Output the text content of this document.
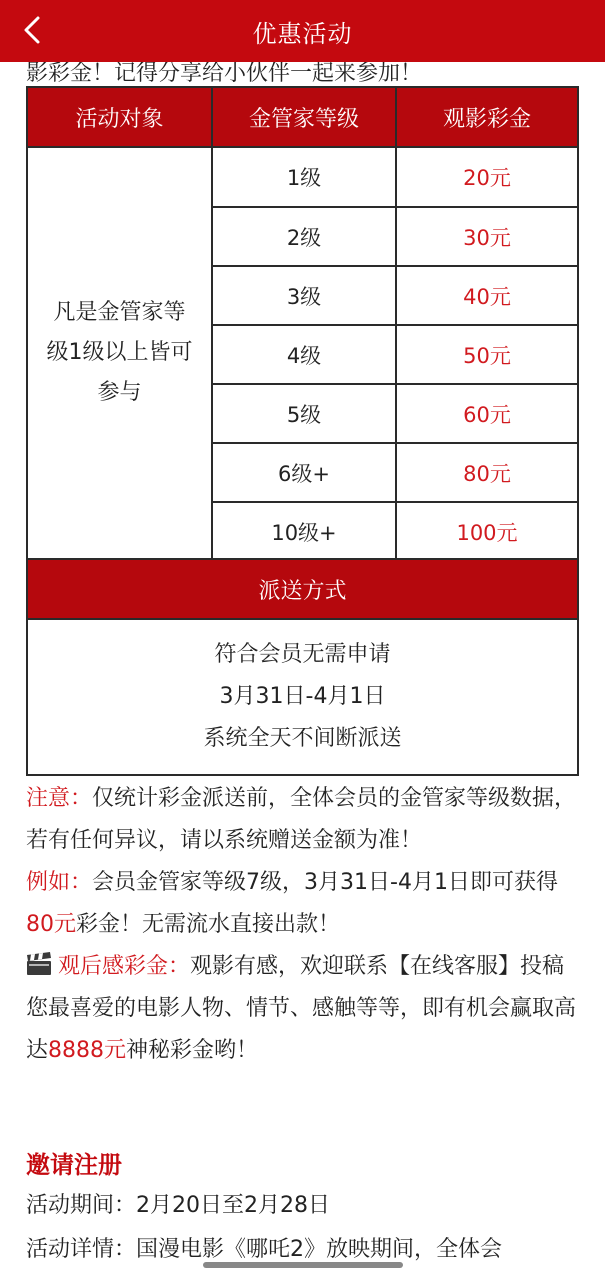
优惠活动
影彩金！记得分享给小伙伴一起来参加！
活动对象	金管家等级	观影彩金
凡是金管家等级1级以上皆可参与
1级	20元
2级	30元
3级	40元
4级	50元
5级	60元
6级+	80元
10级+	100元
派送方式
符合会员无需申请
3月31日-4月1日
系统全天不间断派送
注意：仅统计彩金派送前，全体会员的金管家等级数据，若有任何异议，请以系统赠送金额为准！
例如：会员金管家等级7级，3月31日-4月1日即可获得80元彩金！无需流水直接出款！
观后感彩金：观影有感，欢迎联系【在线客服】投稿您最喜爱的电影人物、情节、感触等等，即有机会赢取高达8888元神秘彩金哟！
邀请注册
活动期间：2月20日至2月28日
活动详情：国漫电影《哪吒2》放映期间，全体会
